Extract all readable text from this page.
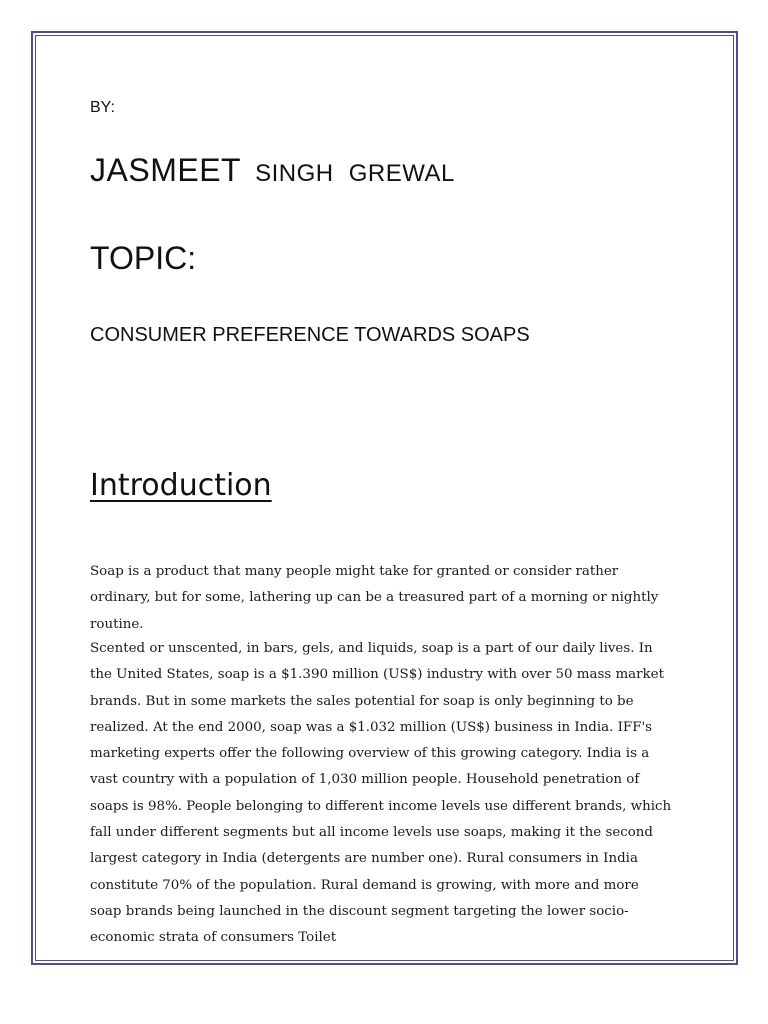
BY:

JASMEET SINGH GREWAL
TOPIC:
CONSUMER PREFERENCE TOWARDS SOAPS
Introduction

Soap is a product that many people might take for granted or consider rather ordinary, but for some, lathering up can be a treasured part of a morning or nightly routine.

Scented or unscented, in bars, gels, and liquids, soap is a part of our daily lives. In the United States, soap is a $1.390 million (US$) industry with over 50 mass market brands. But in some markets the sales potential for soap is only beginning to be realized. At the end 2000, soap was a $1.032 million (US$) business in India. IFF's marketing experts offer the following overview of this growing category. India is a vast country with a population of 1,030 million people. Household penetration of soaps is 98%. People belonging to different income levels use different brands, which fall under different segments but all income levels use soaps, making it the second largest category in India (detergents are number one). Rural consumers in India constitute 70% of the population. Rural demand is growing, with more and more soap brands being launched in the discount segment targeting the lower socio-economic strata of consumers Toilet
